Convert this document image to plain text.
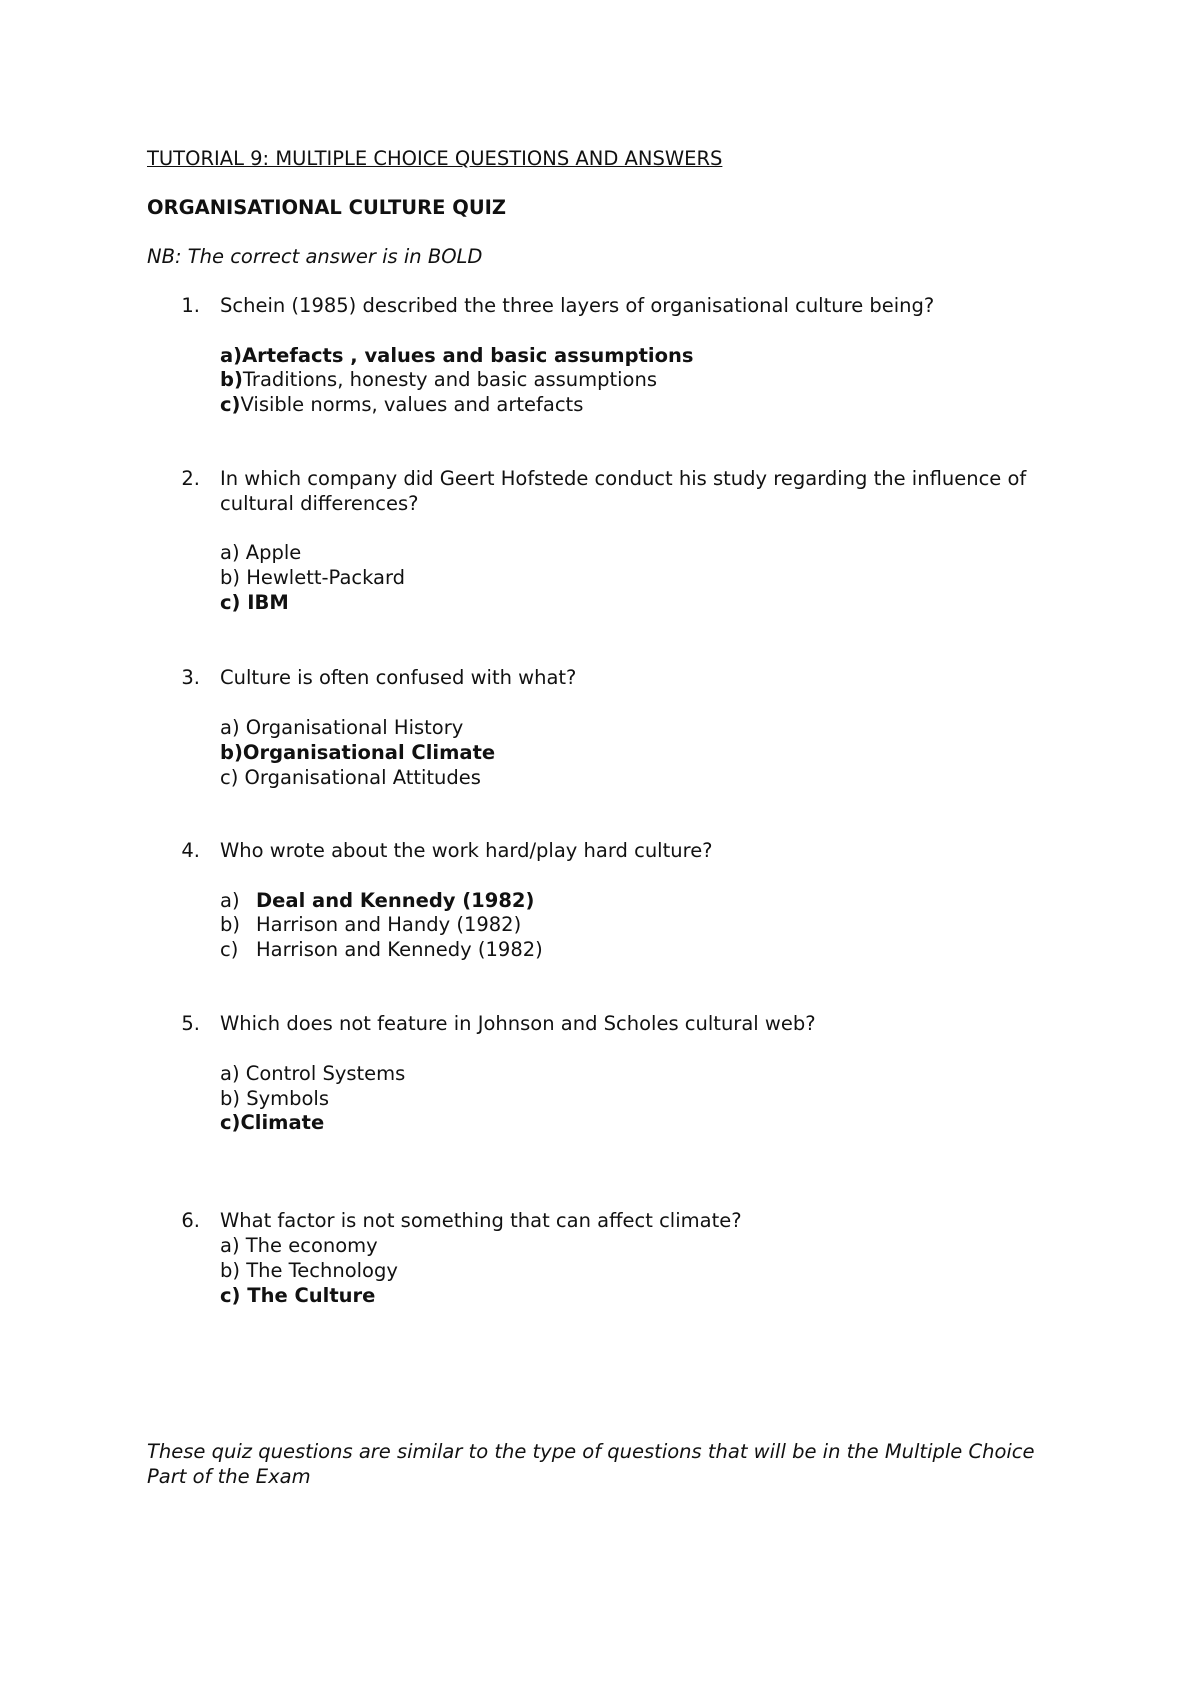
TUTORIAL 9: MULTIPLE CHOICE QUESTIONS AND ANSWERS
ORGANISATIONAL CULTURE QUIZ
NB: The correct answer is in BOLD
1. Schein (1985) described the three layers of organisational culture being?
a)Artefacts , values and basic assumptions
b)Traditions, honesty and basic assumptions
c)Visible norms, values and artefacts
2. In which company did Geert Hofstede conduct his study regarding the influence of
cultural differences?
a) Apple
b) Hewlett-Packard
c) IBM
3. Culture is often confused with what?
a) Organisational History
b)Organisational Climate
c) Organisational Attitudes
4. Who wrote about the work hard/play hard culture?
a) Deal and Kennedy (1982)
b) Harrison and Handy (1982)
c) Harrison and Kennedy (1982)
5. Which does not feature in Johnson and Scholes cultural web?
a) Control Systems
b) Symbols
c)Climate
6. What factor is not something that can affect climate?
a) The economy
b) The Technology
c) The Culture
These quiz questions are similar to the type of questions that will be in the Multiple Choice Part of the Exam
